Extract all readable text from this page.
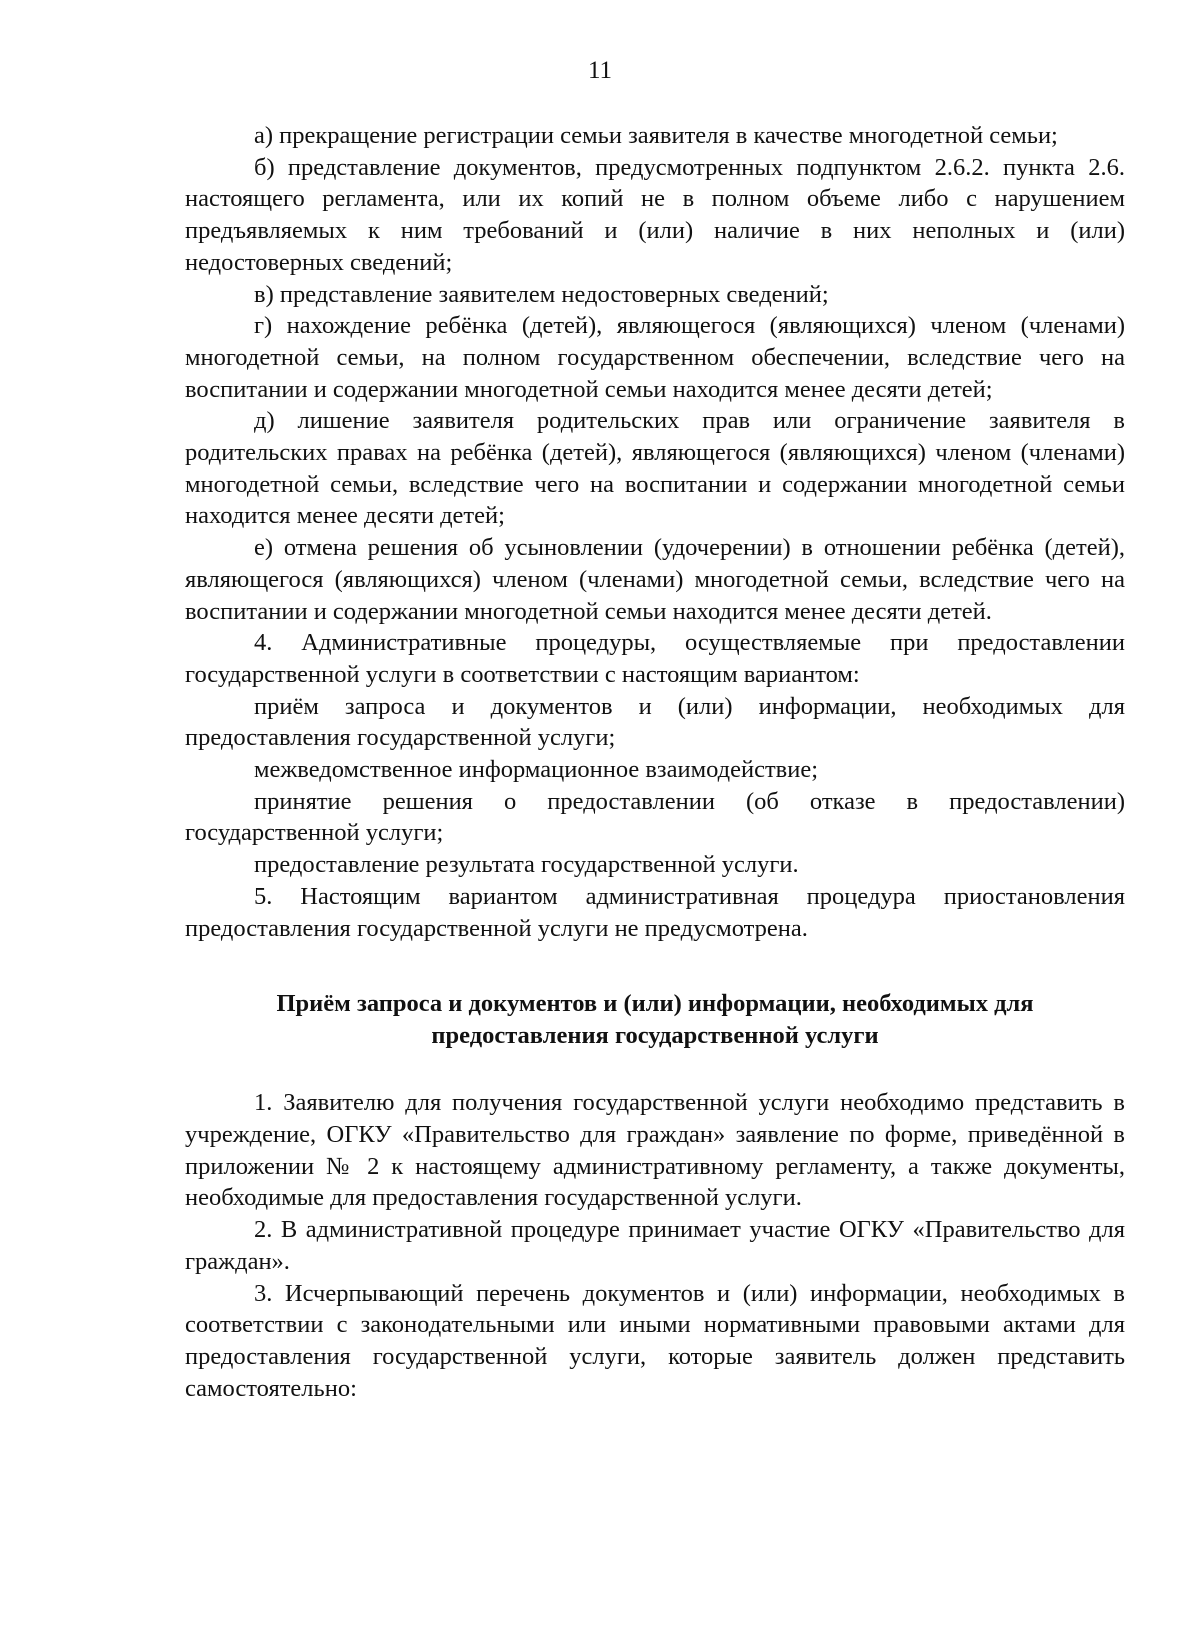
11

а) прекращение регистрации семьи заявителя в качестве многодетной семьи;

б) представление документов, предусмотренных подпунктом 2.6.2. пункта 2.6. настоящего регламента, или их копий не в полном объеме либо с нарушением предъявляемых к ним требований и (или) наличие в них неполных и (или) недостоверных сведений;

в) представление заявителем недостоверных сведений;

г) нахождение ребёнка (детей), являющегося (являющихся) членом (членами) многодетной семьи, на полном государственном обеспечении, вследствие чего на воспитании и содержании многодетной семьи находится менее десяти детей;

д) лишение заявителя родительских прав или ограничение заявителя в родительских правах на ребёнка (детей), являющегося (являющихся) членом (членами) многодетной семьи, вследствие чего на воспитании и содержании многодетной семьи находится менее десяти детей;

е) отмена решения об усыновлении (удочерении) в отношении ребёнка (детей), являющегося (являющихся) членом (членами) многодетной семьи, вследствие чего на воспитании и содержании многодетной семьи находится менее десяти детей.

4. Административные процедуры, осуществляемые при предоставлении государственной услуги в соответствии с настоящим вариантом:

приём запроса и документов и (или) информации, необходимых для предоставления государственной услуги;

межведомственное информационное взаимодействие;

принятие решения о предоставлении (об отказе в предоставлении) государственной услуги;

предоставление результата государственной услуги.

5. Настоящим вариантом административная процедура приостановления предоставления государственной услуги не предусмотрена.

Приём запроса и документов и (или) информации, необходимых для

предоставления государственной услуги

1. Заявителю для получения государственной услуги необходимо представить в учреждение, ОГКУ «Правительство для граждан» заявление по форме, приведённой в приложении № 2 к настоящему административному регламенту, а также документы, необходимые для предоставления государственной услуги.

2. В административной процедуре принимает участие ОГКУ «Правительство для граждан».

3. Исчерпывающий перечень документов и (или) информации, необходимых в соответствии с законодательными или иными нормативными правовыми актами для предоставления государственной услуги, которые заявитель должен представить самостоятельно:
